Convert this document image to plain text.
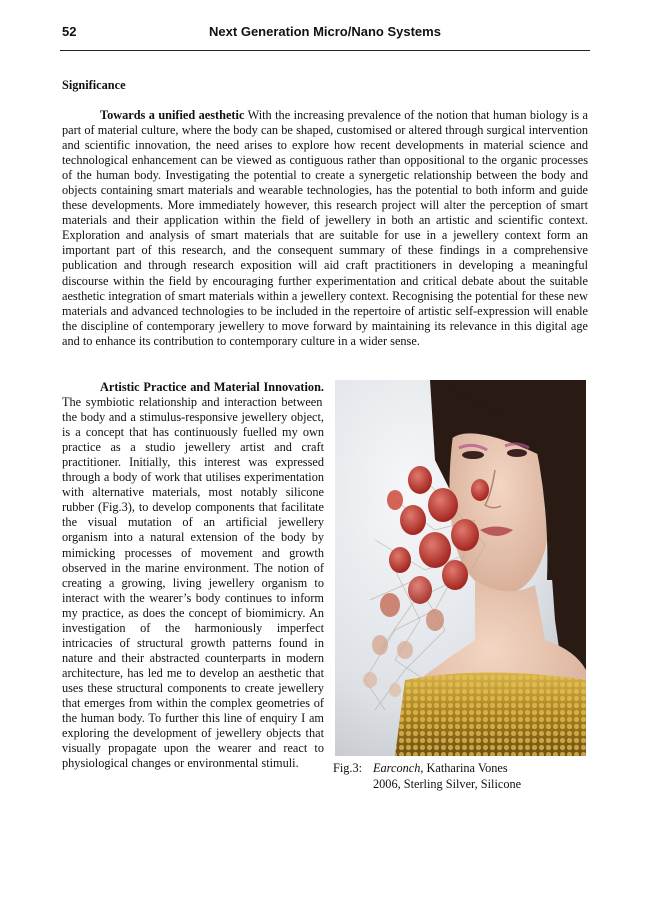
52	Next Generation Micro/Nano Systems
Significance

Towards a unified aesthetic With the increasing prevalence of the notion that human biology is a part of material culture, where the body can be shaped, customised or altered through surgical intervention and scientific innovation, the need arises to explore how recent developments in material science and technological enhancement can be viewed as contiguous rather than oppositional to the organic processes of the human body. Investigating the potential to create a synergetic relationship between the body and objects containing smart materials and wearable technologies, has the potential to both inform and guide these developments. More immediately however, this research project will alter the perception of smart materials and their application within the field of jewellery in both an artistic and scientific context. Exploration and analysis of smart materials that are suitable for use in a jewellery context form an important part of this research, and the consequent summary of these findings in a comprehensive publication and through research exposition will aid craft practitioners in developing a meaningful discourse within the field by encouraging further experimentation and critical debate about the suitable aesthetic integration of smart materials within a jewellery context. Recognising the potential for these new materials and advanced technologies to be included in the repertoire of artistic self-expression will enable the discipline of contemporary jewellery to move forward by maintaining its relevance in this digital age and to enhance its contribution to contemporary culture in a wider sense.

Artistic Practice and Material Innovation. The symbiotic relationship and interaction between the body and a stimulus-responsive jewellery object, is a concept that has continuously fuelled my own practice as a studio jewellery artist and craft practitioner. Initially, this interest was expressed through a body of work that utilises experimentation with alternative materials, most notably silicone rubber (Fig.3), to develop components that facilitate the visual mutation of an artificial jewellery organism into a natural extension of the body by mimicking processes of movement and growth observed in the marine environment. The notion of creating a growing, living jewellery organism to interact with the wearer’s body continues to inform my practice, as does the concept of biomimicry. An investigation of the harmoniously imperfect intricacies of structural growth patterns found in nature and their abstracted counterparts in modern architecture, has led me to develop an aesthetic that uses these structural components to create jewellery that emerges from within the complex geometries of the human body. To further this line of enquiry I am exploring the development of jewellery objects that visually propagate upon the wearer and react to physiological changes or environmental stimuli.	Fig.3: Earconch, Katharina Vones
2006, Sterling Silver, Silicone
